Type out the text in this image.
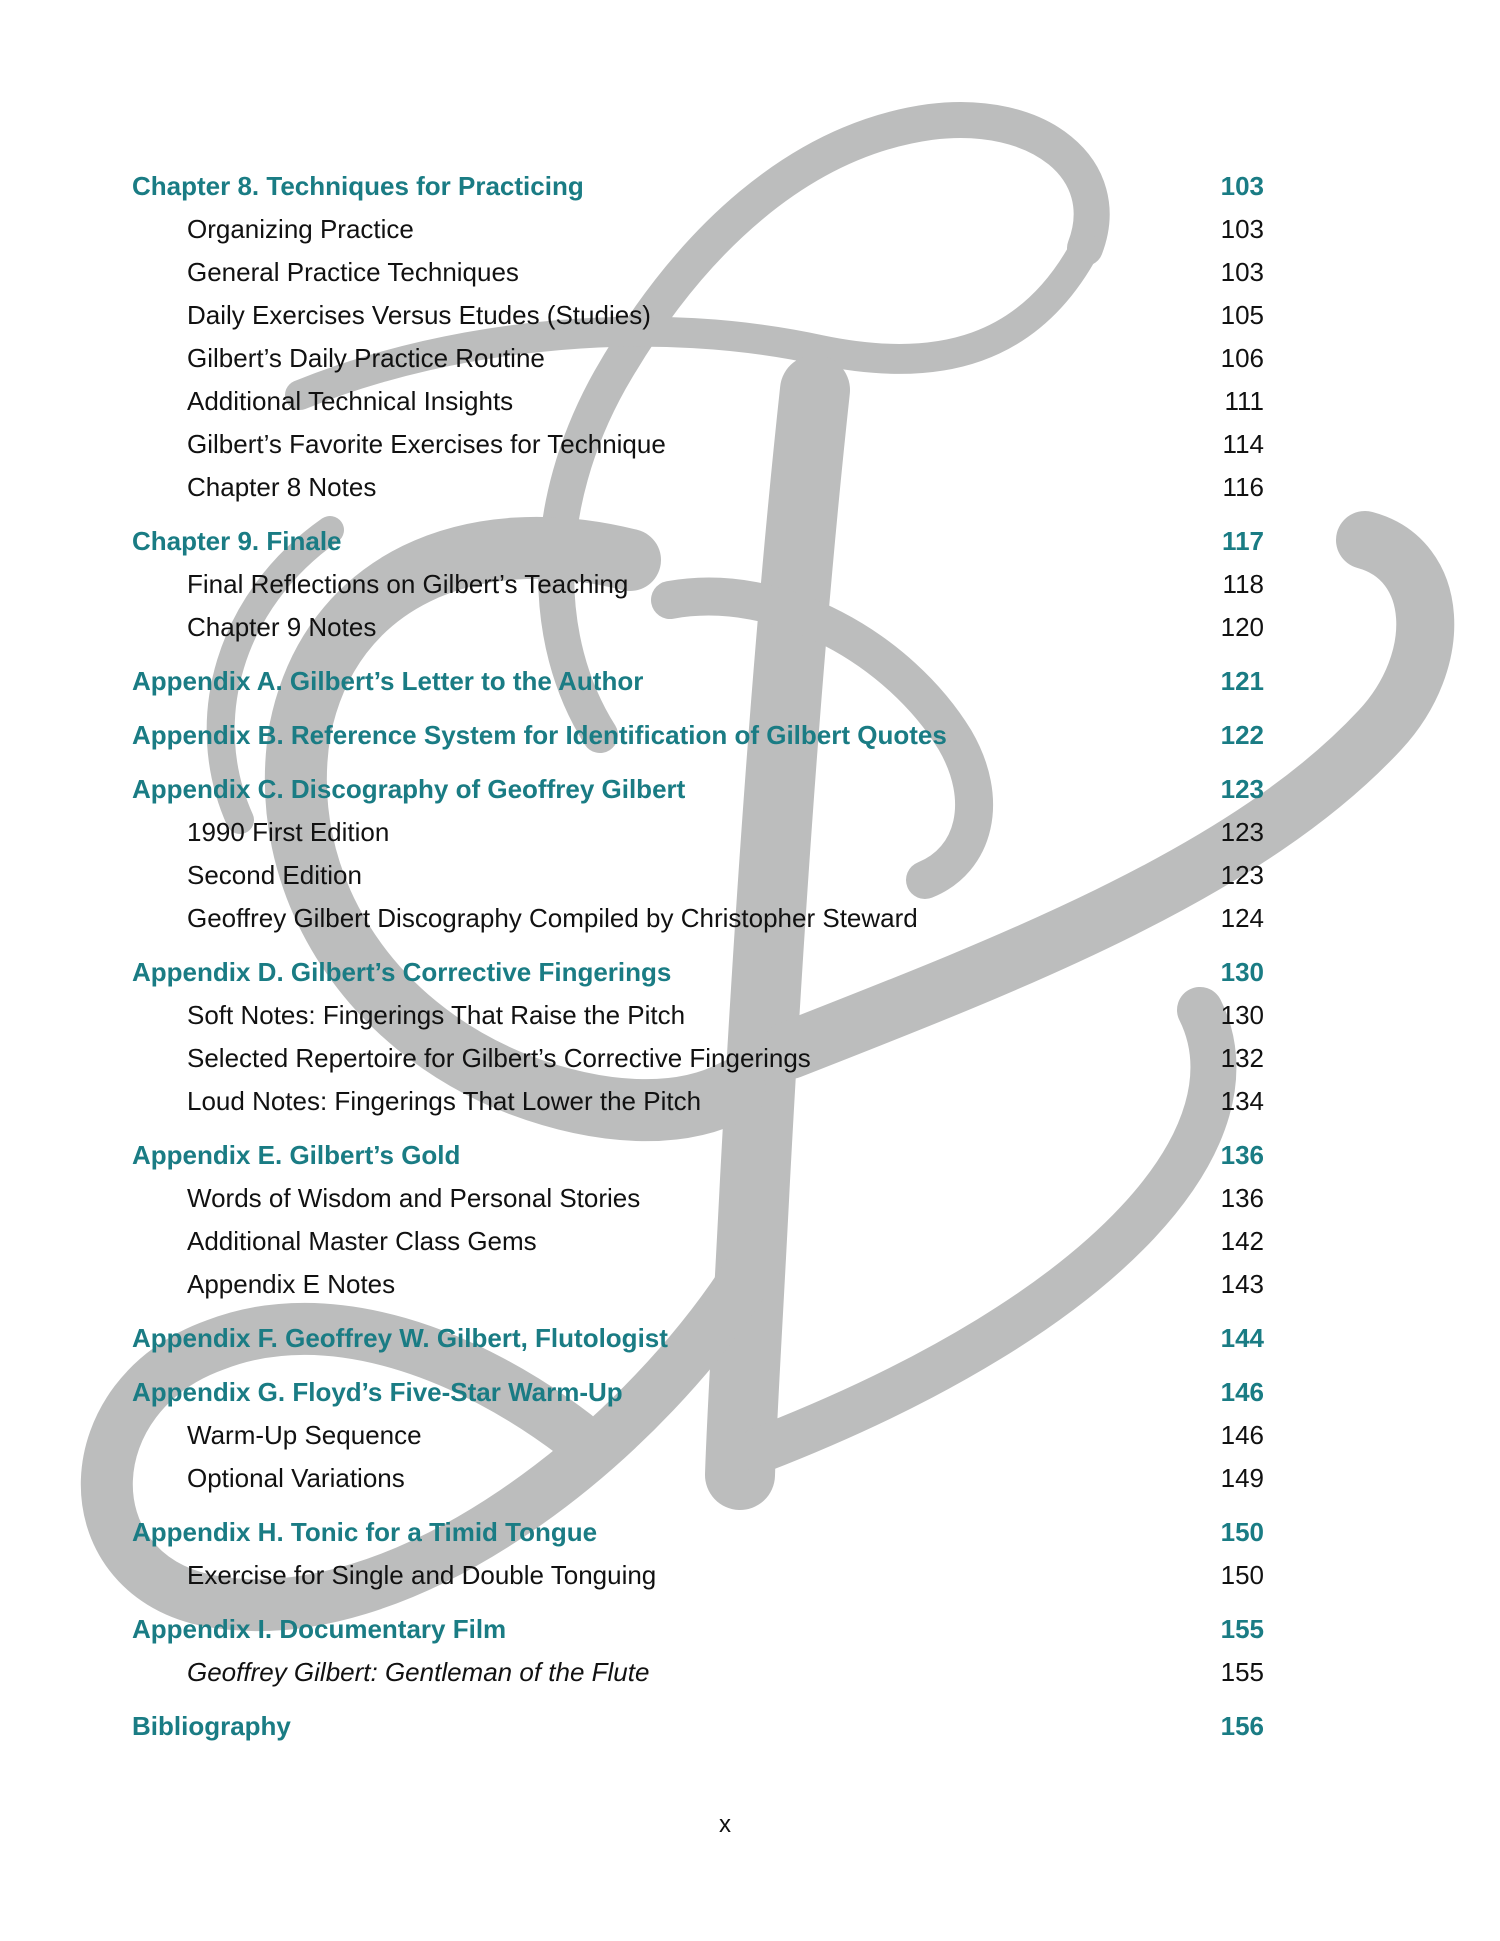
Chapter 8. Techniques for Practicing	103
Organizing Practice	103
General Practice Techniques	103
Daily Exercises Versus Etudes (Studies)	105
Gilbert’s Daily Practice Routine	106
Additional Technical Insights	111
Gilbert’s Favorite Exercises for Technique	114
Chapter 8 Notes	116
Chapter 9. Finale	117
Final Reflections on Gilbert’s Teaching	118
Chapter 9 Notes	120
Appendix A. Gilbert’s Letter to the Author	121
Appendix B. Reference System for Identification of Gilbert Quotes	122
Appendix C. Discography of Geoffrey Gilbert	123
1990 First Edition	123
Second Edition	123
Geoffrey Gilbert Discography Compiled by Christopher Steward	124
Appendix D. Gilbert’s Corrective Fingerings	130
Soft Notes: Fingerings That Raise the Pitch	130
Selected Repertoire for Gilbert’s Corrective Fingerings	132
Loud Notes: Fingerings That Lower the Pitch	134
Appendix E. Gilbert’s Gold	136
Words of Wisdom and Personal Stories	136
Additional Master Class Gems	142
Appendix E Notes	143
Appendix F. Geoffrey W. Gilbert, Flutologist	144
Appendix G. Floyd’s Five-Star Warm-Up	146
Warm-Up Sequence	146
Optional Variations	149
Appendix H. Tonic for a Timid Tongue	150
Exercise for Single and Double Tonguing	150
Appendix I. Documentary Film	155
Geoffrey Gilbert: Gentleman of the Flute	155
Bibliography	156
x
